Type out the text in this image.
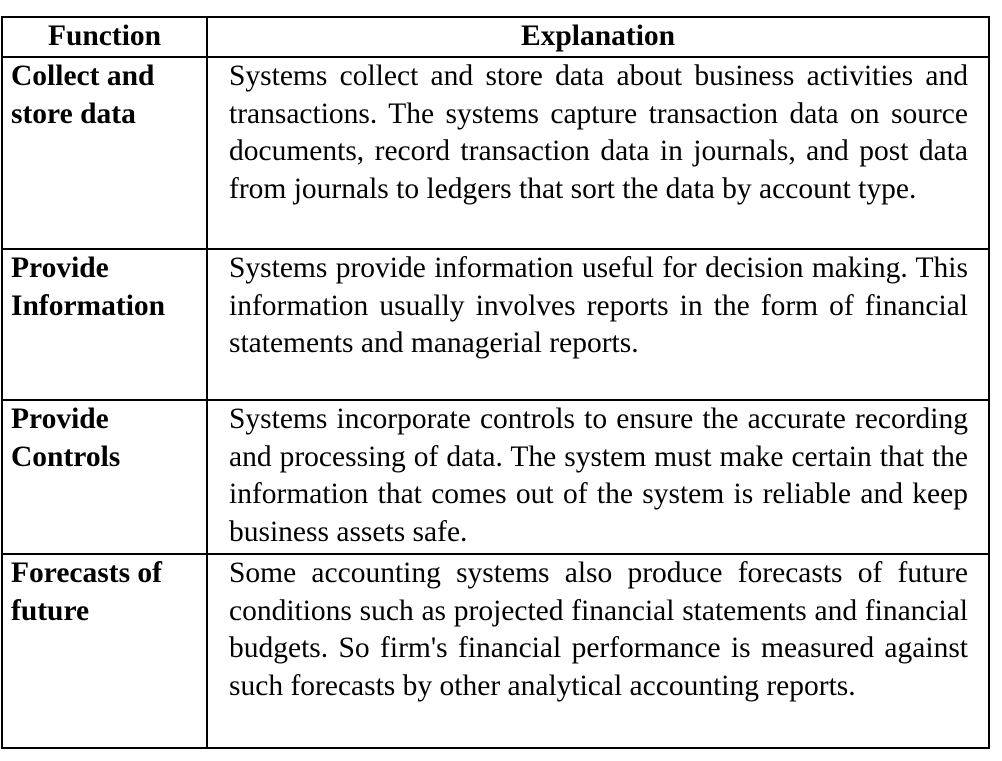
Function	Explanation
Collect and store data	Systems collect and store data about business activities and transactions. The systems capture transaction data on source documents, record transaction data in journals, and post data from journals to ledgers that sort the data by account type.
Provide Information	Systems provide information useful for decision making. This information usually involves reports in the form of financial statements and managerial reports.
Provide Controls	Systems incorporate controls to ensure the accurate recording and processing of data. The system must make certain that the information that comes out of the system is reliable and keep business assets safe.
Forecasts of future	Some accounting systems also produce forecasts of future conditions such as projected financial statements and financial budgets. So firm's financial performance is measured against such forecasts by other analytical accounting reports.
